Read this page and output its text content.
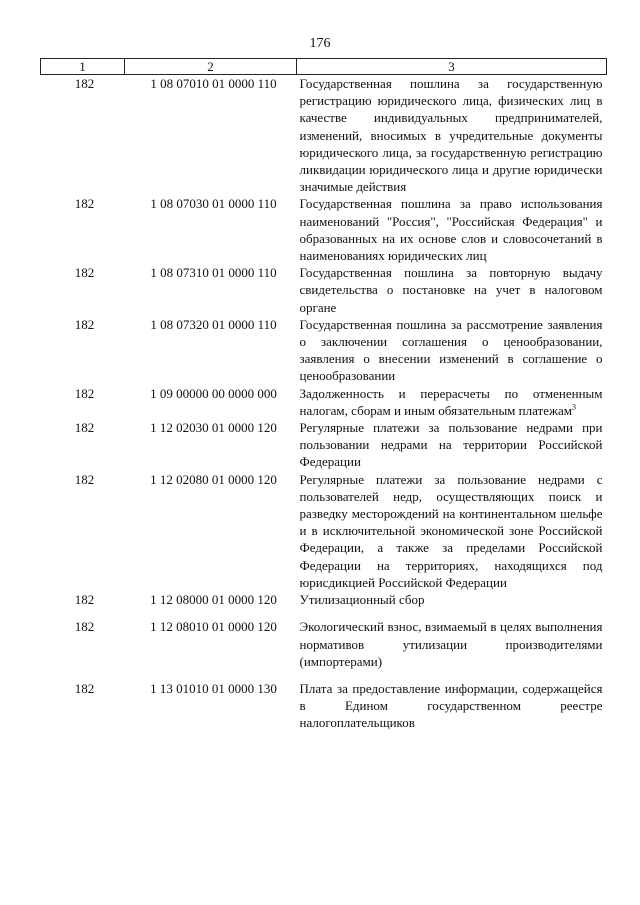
176
1	2	3
182	1 08 07010 01 0000 110	Государственная пошлина за государственную регистрацию юридического лица, физических лиц в качестве индивидуальных предпринимателей, изменений, вносимых в учредительные документы юридического лица, за государственную регистрацию ликвидации юридического лица и другие юридически значимые действия
182	1 08 07030 01 0000 110	Государственная пошлина за право использования наименований "Россия", "Российская Федерация" и образованных на их основе слов и словосочетаний в наименованиях юридических лиц
182	1 08 07310 01 0000 110	Государственная пошлина за повторную выдачу свидетельства о постановке на учет в налоговом органе
182	1 08 07320 01 0000 110	Государственная пошлина за рассмотрение заявления о заключении соглашения о ценообразовании, заявления о внесении изменений в соглашение о ценообразовании
182	1 09 00000 00 0000 000	Задолженность и перерасчеты по отмененным налогам, сборам и иным обязательным платежам$^3$
182	1 12 02030 01 0000 120	Регулярные платежи за пользование недрами при пользовании недрами на территории Российской Федерации
182	1 12 02080 01 0000 120	Регулярные платежи за пользование недрами с пользователей недр, осуществляющих поиск и разведку месторождений на континентальном шельфе и в исключительной экономической зоне Российской Федерации, а также за пределами Российской Федерации на территориях, находящихся под юрисдикцией Российской Федерации
182	1 12 08000 01 0000 120	Утилизационный сбор
182	1 12 08010 01 0000 120	Экологический взнос, взимаемый в целях выполнения нормативов утилизации производителями (импортерами)
182	1 13 01010 01 0000 130	Плата за предоставление информации, содержащейся в Едином государственном реестре налогоплательщиков
